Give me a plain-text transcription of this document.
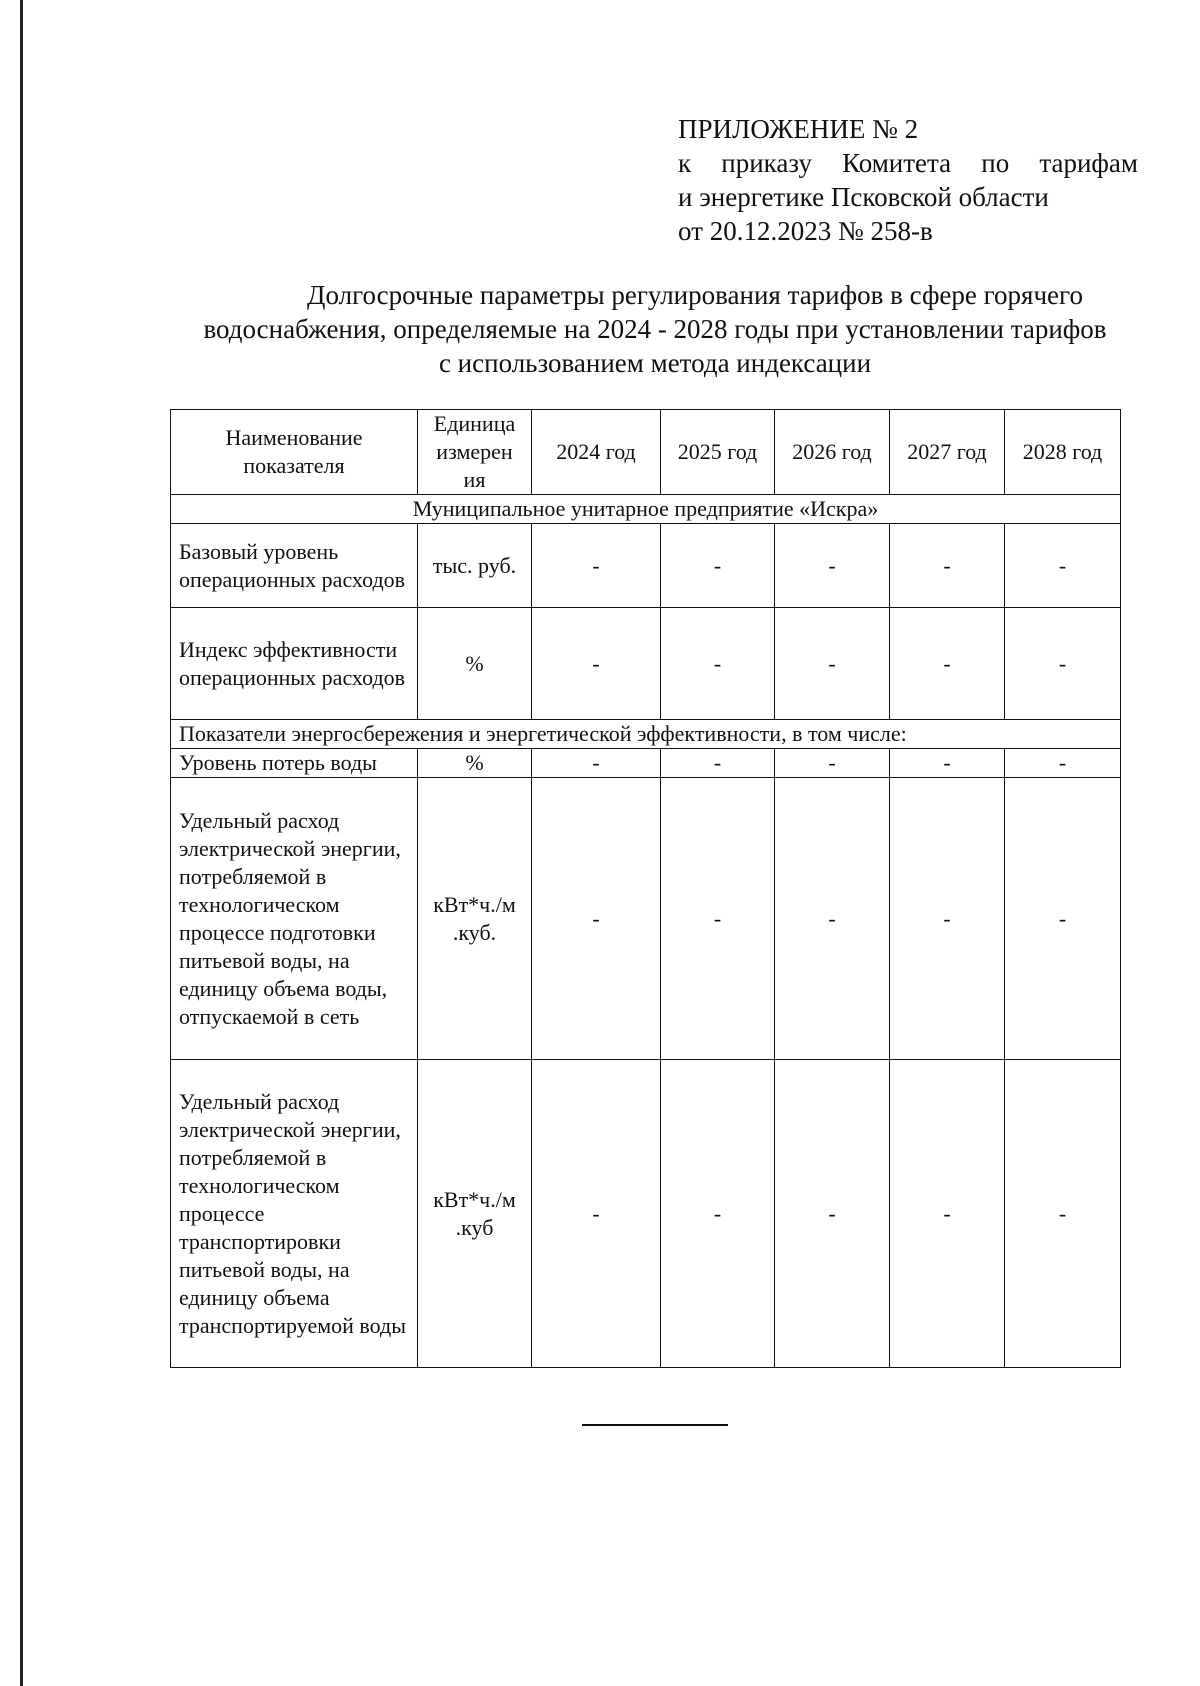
ПРИЛОЖЕНИЕ № 2
к приказу Комитета по тарифам
и энергетике Псковской области
от 20.12.2023 № 258-в
Долгосрочные параметры регулирования тарифов в сфере горячего
водоснабжения, определяемые на 2024 - 2028 годы при установлении тарифов
с использованием метода индексации
Наименование показателя	Единица измерен ия	2024 год	2025 год	2026 год	2027 год	2028 год
Муниципальное унитарное предприятие «Искра»						
Базовый уровень операционных расходов	тыс. руб.	-	-	-	-	-
Индекс эффективности операционных расходов	%	-	-	-	-	-
Показатели энергосбережения и энергетической эффективности, в том числе:						
Уровень потерь воды	%	-	-	-	-	-
Удельный расход электрической энергии, потребляемой в технологическом процессе подготовки питьевой воды, на единицу объема воды, отпускаемой в сеть	кВт*ч./м .куб.	-	-	-	-	-
Удельный расход электрической энергии, потребляемой в технологическом процессе транспортировки питьевой воды, на единицу объема транспортируемой воды	кВт*ч./м .куб	-	-	-	-	-
